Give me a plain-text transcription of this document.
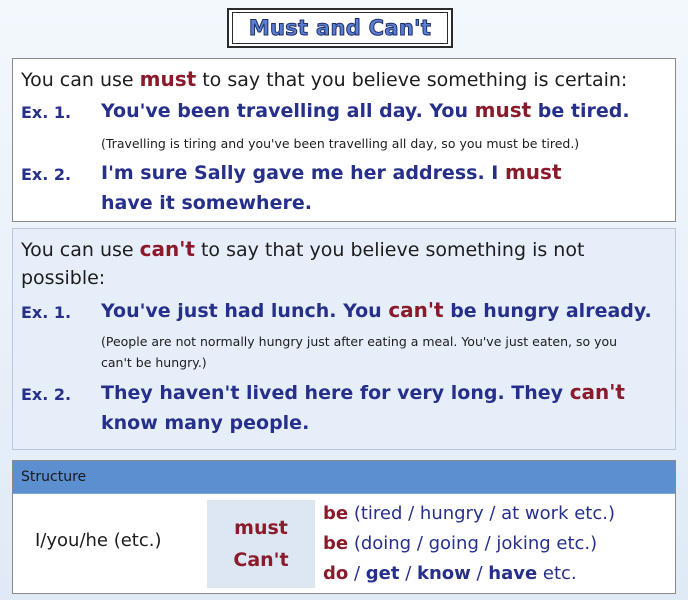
Must and Can't
You can use must to say that you believe something is certain:
Ex. 1. You've been travelling all day. You must be tired.
(Travelling is tiring and you've been travelling all day, so you must be tired.)
Ex. 2. I'm sure Sally gave me her address. I must have it somewhere.
You can use can't to say that you believe something is not possible:
Ex. 1. You've just had lunch. You can't be hungry already.
(People are not normally hungry just after eating a meal. You've just eaten, so you can't be hungry.)
Ex. 2. They haven't lived here for very long. They can't know many people.
Structure
I/you/he (etc.)
must
Can't
be (tired / hungry / at work etc.)
be (doing / going / joking etc.)
do / get / know / have etc.
